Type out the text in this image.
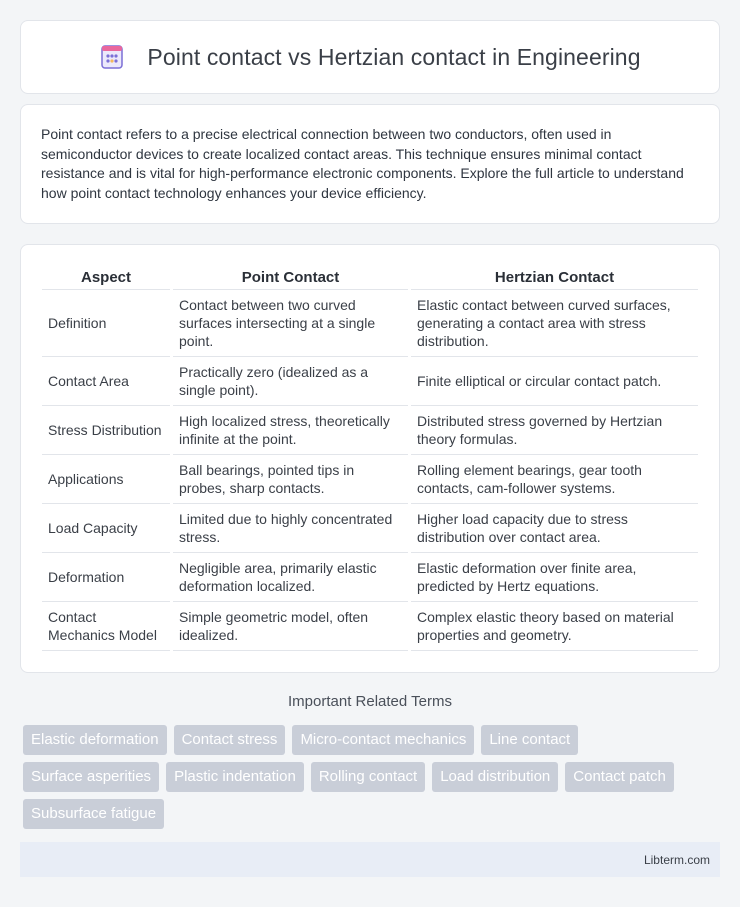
Point contact vs Hertzian contact in Engineering

Point contact refers to a precise electrical connection between two conductors, often used in semiconductor devices to create localized contact areas. This technique ensures minimal contact resistance and is vital for high-performance electronic components. Explore the full article to understand how point contact technology enhances your device efficiency.

Aspect		Point Contact		Hertzian Contact
Definition		Contact between two curved surfaces intersecting at a single point.		Elastic contact between curved surfaces, generating a contact area with stress distribution.
Contact Area		Practically zero (idealized as a single point).		Finite elliptical or circular contact patch.
Stress Distribution		High localized stress, theoretically infinite at the point.		Distributed stress governed by Hertzian theory formulas.
Applications		Ball bearings, pointed tips in probes, sharp contacts.		Rolling element bearings, gear tooth contacts, cam-follower systems.
Load Capacity		Limited due to highly concentrated stress.		Higher load capacity due to stress distribution over contact area.
Deformation		Negligible area, primarily elastic deformation localized.		Elastic deformation over finite area, predicted by Hertz equations.
Contact Mechanics Model		Simple geometric model, often idealized.		Complex elastic theory based on material properties and geometry.
Important Related Terms
Elastic deformation	Contact stress	Micro-contact mechanics	Line contact
Surface asperities	Plastic indentation	Rolling contact	Load distribution	Contact patch
Subsurface fatigue
Libterm.com
